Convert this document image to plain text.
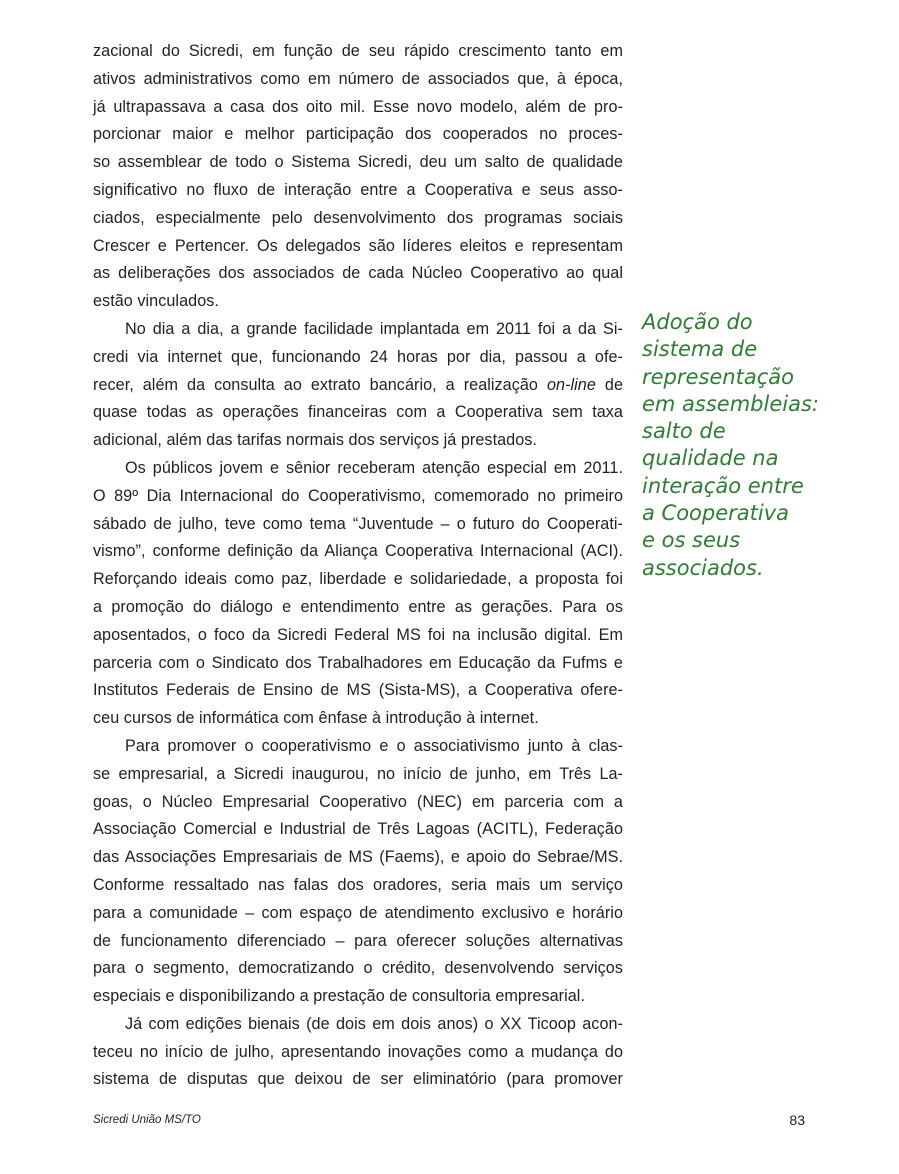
zacional do Sicredi, em função de seu rápido crescimento tanto em
ativos administrativos como em número de associados que, à época,
já ultrapassava a casa dos oito mil. Esse novo modelo, além de pro-
porcionar maior e melhor participação dos cooperados no proces-
so assemblear de todo o Sistema Sicredi, deu um salto de qualidade
significativo no fluxo de interação entre a Cooperativa e seus asso-
ciados, especialmente pelo desenvolvimento dos programas sociais
Crescer e Pertencer. Os delegados são líderes eleitos e representam
as deliberações dos associados de cada Núcleo Cooperativo ao qual
estão vinculados.
No dia a dia, a grande facilidade implantada em 2011 foi a da Si-
credi via internet que, funcionando 24 horas por dia, passou a ofe-
recer, além da consulta ao extrato bancário, a realização on-line de
quase todas as operações financeiras com a Cooperativa sem taxa
adicional, além das tarifas normais dos serviços já prestados.
Os públicos jovem e sênior receberam atenção especial em 2011.
O 89º Dia Internacional do Cooperativismo, comemorado no primeiro
sábado de julho, teve como tema “Juventude – o futuro do Cooperati-
vismo”, conforme definição da Aliança Cooperativa Internacional (ACI).
Reforçando ideais como paz, liberdade e solidariedade, a proposta foi
a promoção do diálogo e entendimento entre as gerações. Para os
aposentados, o foco da Sicredi Federal MS foi na inclusão digital. Em
parceria com o Sindicato dos Trabalhadores em Educação da Fufms e
Institutos Federais de Ensino de MS (Sista-MS), a Cooperativa ofere-
ceu cursos de informática com ênfase à introdução à internet.
Para promover o cooperativismo e o associativismo junto à clas-
se empresarial, a Sicredi inaugurou, no início de junho, em Três La-
goas, o Núcleo Empresarial Cooperativo (NEC) em parceria com a
Associação Comercial e Industrial de Três Lagoas (ACITL), Federação
das Associações Empresariais de MS (Faems), e apoio do Sebrae/MS.
Conforme ressaltado nas falas dos oradores, seria mais um serviço
para a comunidade – com espaço de atendimento exclusivo e horário
de funcionamento diferenciado – para oferecer soluções alternativas
para o segmento, democratizando o crédito, desenvolvendo serviços
especiais e disponibilizando a prestação de consultoria empresarial.
Já com edições bienais (de dois em dois anos) o XX Ticoop acon-
teceu no início de julho, apresentando inovações como a mudança do
sistema de disputas que deixou de ser eliminatório (para promover
Adoção do
sistema de
representação
em assembleias:
salto de
qualidade na
interação entre
a Cooperativa
e os seus
associados.
Sicredi União MS/TO	83
